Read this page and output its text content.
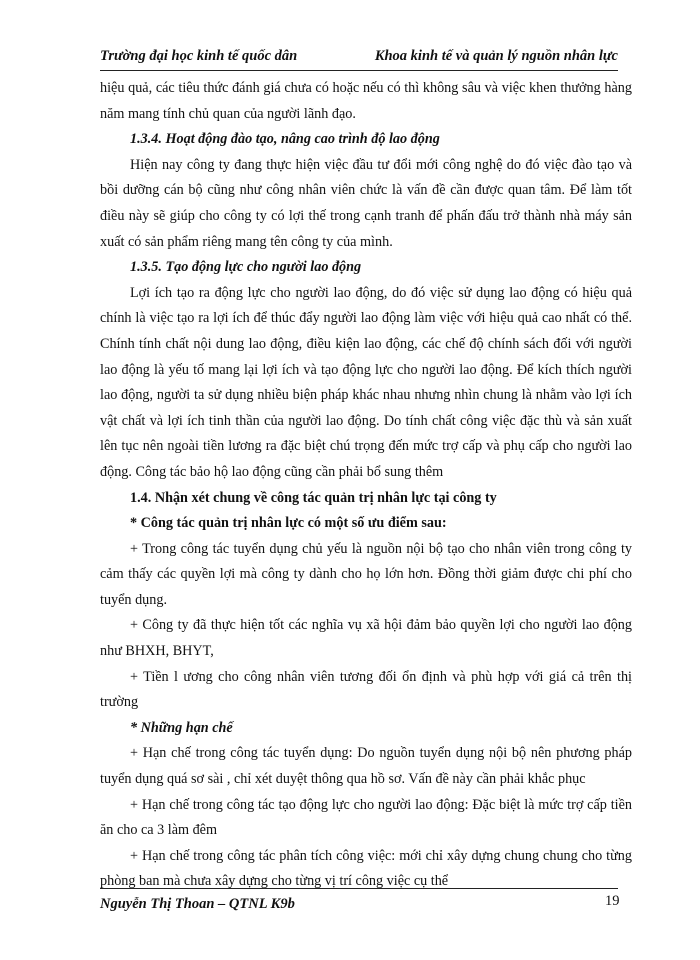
Trường đại học kinh tế quốc dân	Khoa kinh tế và quản lý nguồn nhân lực

hiệu quả, các tiêu thức đánh giá chưa có hoặc nếu có thì không sâu và việc khen thưởng hàng năm mang tính chủ quan của người lãnh đạo.

1.3.4. Hoạt động đào tạo, nâng cao trình độ lao động

Hiện nay công ty đang thực hiện việc đầu tư đổi mới công nghệ do đó việc đào tạo và bồi dưỡng cán bộ cũng như công nhân viên chức là vấn đề cần được quan tâm. Để làm tốt điều này sẽ giúp cho công ty có lợi thế trong cạnh tranh để phấn đấu trở thành nhà máy sản xuất có sản phẩm riêng mang tên công ty của mình.

1.3.5. Tạo động lực cho người lao động

Lợi ích tạo ra động lực cho người lao động, do đó việc sử dụng lao động có hiệu quả chính là việc tạo ra lợi ích để thúc đẩy người lao động làm việc với hiệu quả cao nhất có thể. Chính tính chất nội dung lao động, điều kiện lao động, các chế độ chính sách đối với người lao động là yếu tố mang lại lợi ích và tạo động lực cho người lao động. Để kích thích người lao động, người ta sử dụng nhiều biện pháp khác nhau nhưng nhìn chung là nhằm vào lợi ích vật chất và lợi ích tinh thần của người lao động. Do tính chất công việc đặc thù và sản xuất lên tục nên ngoài tiền lương ra đặc biệt chú trọng đến mức trợ cấp và phụ cấp cho người lao động. Công tác bảo hộ lao động cũng cần phải bổ sung thêm

1.4. Nhận xét chung về công tác quản trị nhân lực tại công ty

* Công tác quản trị nhân lực có một số ưu điểm sau:

+ Trong công tác tuyển dụng chủ yếu là nguồn nội bộ tạo cho nhân viên trong công ty cảm thấy các quyền lợi mà công ty dành cho họ lớn hơn. Đồng thời giảm được chi phí cho tuyển dụng.

+ Công ty đã thực hiện tốt các nghĩa vụ xã hội đảm bảo quyền lợi cho người lao động như BHXH, BHYT,

+ Tiền l ương cho công nhân viên tương đối ổn định và phù hợp với giá cả trên thị trường

* Những hạn chế

+ Hạn chế trong công tác tuyển dụng: Do nguồn tuyển dụng nội bộ nên phương pháp tuyển dụng quá sơ sài , chỉ xét duyệt thông qua hồ sơ. Vấn đề này cần phải khắc phục

+ Hạn chế trong công tác tạo động lực cho người lao động: Đặc biệt là mức trợ cấp tiền ăn cho ca 3 làm đêm

+ Hạn chế trong công tác phân tích công việc: mới chỉ xây dựng chung chung cho từng phòng ban mà chưa xây dựng cho từng vị trí công việc cụ thể

Nguyễn Thị Thoan – QTNL K9b	19
